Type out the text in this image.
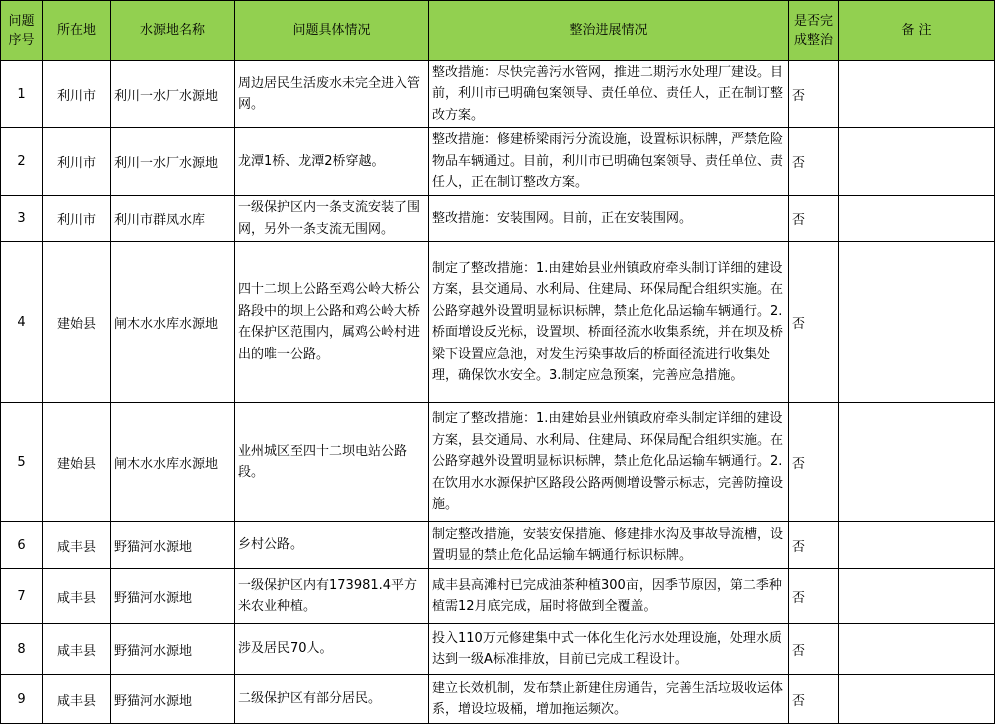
问题序号	所在地	水源地名称	问题具体情况	整治进展情况	是否完成整治	备 注
1	利川市	利川一水厂水源地	周边居民生活废水未完全进入管网。	整改措施：尽快完善污水管网，推进二期污水处理厂建设。目前，利川市已明确包案领导、责任单位、责任人，正在制订整改方案。	否	
2	利川市	利川一水厂水源地	龙潭1桥、龙潭2桥穿越。	整改措施：修建桥梁雨污分流设施，设置标识标牌，严禁危险物品车辆通过。目前，利川市已明确包案领导、责任单位、责任人，正在制订整改方案。	否	
3	利川市	利川市群凤水库	一级保护区内一条支流安装了围网，另外一条支流无围网。	整改措施：安装围网。目前，正在安装围网。	否	
4	建始县	闸木水水库水源地	四十二坝上公路至鸡公岭大桥公路段中的坝上公路和鸡公岭大桥在保护区范围内，属鸡公岭村进出的唯一公路。	制定了整改措施：1.由建始县业州镇政府牵头制订详细的建设方案，县交通局、水利局、住建局、环保局配合组织实施。在公路穿越外设置明显标识标牌，禁止危化品运输车辆通行。2.桥面增设反光标，设置坝、桥面径流水收集系统，并在坝及桥梁下设置应急池，对发生污染事故后的桥面径流进行收集处理，确保饮水安全。3.制定应急预案，完善应急措施。	否	
5	建始县	闸木水水库水源地	业州城区至四十二坝电站公路段。	制定了整改措施：1.由建始县业州镇政府牵头制定详细的建设方案，县交通局、水利局、住建局、环保局配合组织实施。在公路穿越外设置明显标识标牌，禁止危化品运输车辆通行。2.在饮用水水源保护区路段公路两侧增设警示标志，完善防撞设施。	否	
6	咸丰县	野猫河水源地	乡村公路。	制定整改措施，安装安保措施、修建排水沟及事故导流槽，设置明显的禁止危化品运输车辆通行标识标牌。	否	
7	咸丰县	野猫河水源地	一级保护区内有173981.4平方米农业种植。	咸丰县高滩村已完成油茶种植300亩，因季节原因，第二季种植需12月底完成，届时将做到全覆盖。	否	
8	咸丰县	野猫河水源地	涉及居民70人。	投入110万元修建集中式一体化生化污水处理设施，处理水质达到一级A标准排放，目前已完成工程设计。	否	
9	咸丰县	野猫河水源地	二级保护区有部分居民。	建立长效机制，发布禁止新建住房通告，完善生活垃圾收运体系，增设垃圾桶，增加拖运频次。	否	
